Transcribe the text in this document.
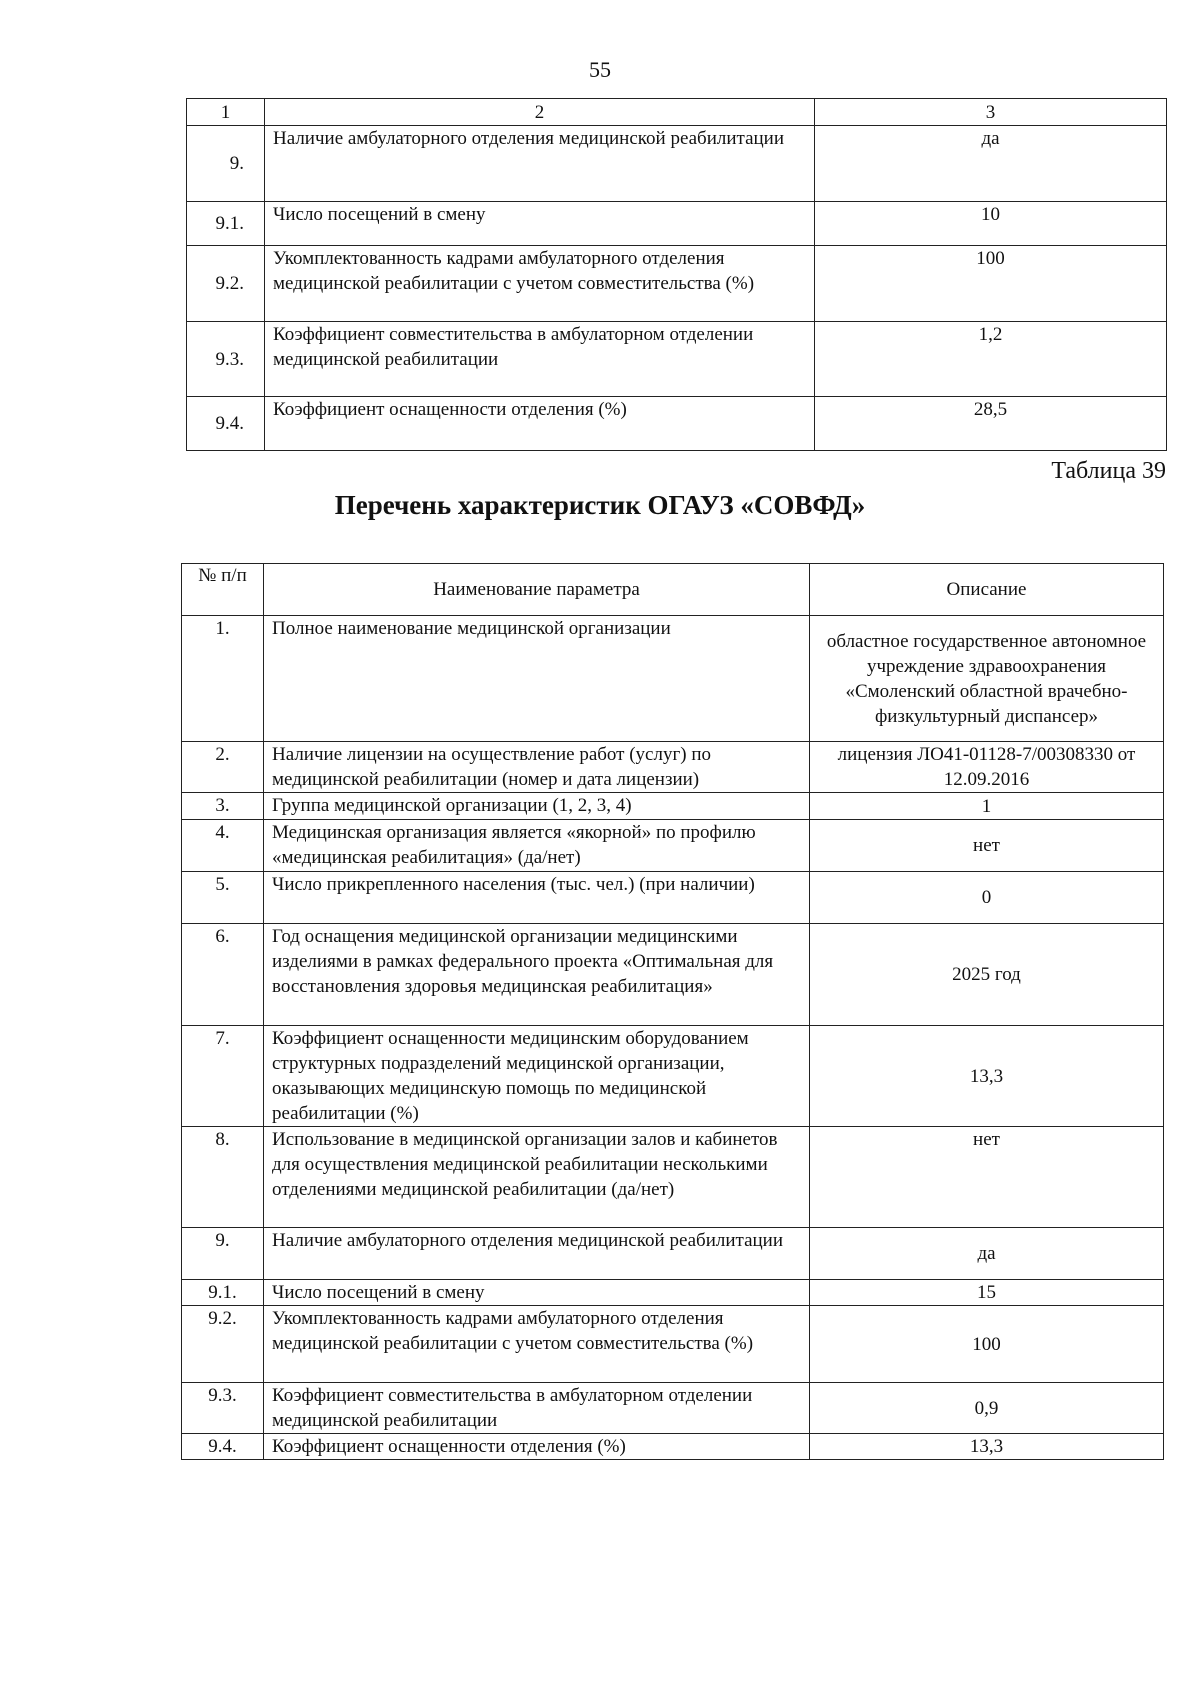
55
1	2	3
9.	Наличие амбулаторного отделения медицинской реабилитации	да
9.1.	Число посещений в смену	10
9.2.	Укомплектованность кадрами амбулаторного отделения медицинской реабилитации с учетом совместительства (%)	100
9.3.	Коэффициент совместительства в амбулаторном отделении медицинской реабилитации	1,2
9.4.	Коэффициент оснащенности отделения (%)	28,5
Таблица 39
Перечень характеристик ОГАУЗ «СОВФД»
№ п/п	Наименование параметра	Описание
1.	Полное наименование медицинской организации	областное государственное автономное учреждение здравоохранения «Смоленский областной врачебно-физкультурный диспансер»
2.	Наличие лицензии на осуществление работ (услуг) по медицинской реабилитации (номер и дата лицензии)	лицензия ЛО41-01128-7/00308330 от 12.09.2016
3.	Группа медицинской организации (1, 2, 3, 4)	1
4.	Медицинская организация является «якорной» по профилю «медицинская реабилитация» (да/нет)	нет
5.	Число прикрепленного населения (тыс. чел.) (при наличии)	0
6.	Год оснащения медицинской организации медицинскими изделиями в рамках федерального проекта «Оптимальная для восстановления здоровья медицинская реабилитация»	2025 год
7.	Коэффициент оснащенности медицинским оборудованием структурных подразделений медицинской организации, оказывающих медицинскую помощь по медицинской реабилитации (%)	13,3
8.	Использование в медицинской организации залов и кабинетов для осуществления медицинской реабилитации несколькими отделениями медицинской реабилитации (да/нет)	нет
9.	Наличие амбулаторного отделения медицинской реабилитации	да
9.1.	Число посещений в смену	15
9.2.	Укомплектованность кадрами амбулаторного отделения медицинской реабилитации с учетом совместительства (%)	100
9.3.	Коэффициент совместительства в амбулаторном отделении медицинской реабилитации	0,9
9.4.	Коэффициент оснащенности отделения (%)	13,3
